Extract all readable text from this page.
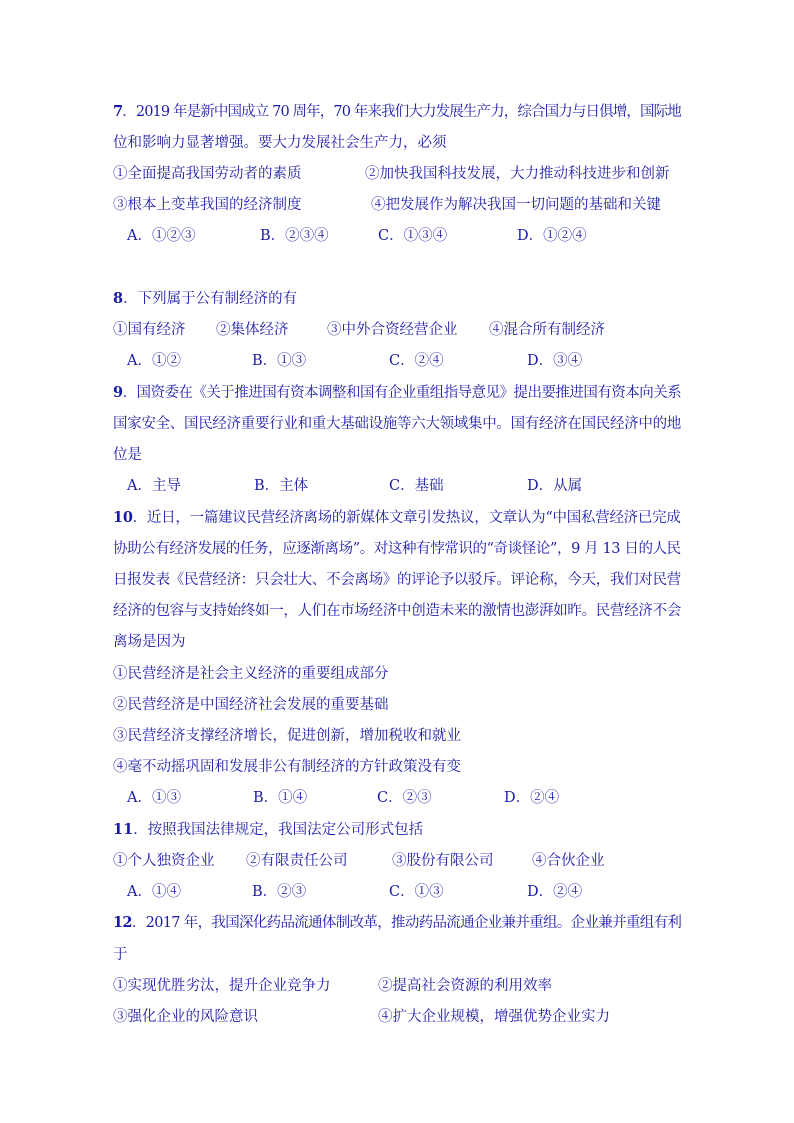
7．2019 年是新中国成立 70 周年，70 年来我们大力发展生产力，综合国力与日俱增，国际地
位和影响力显著增强。要大力发展社会生产力，必须
①全面提高我国劳动者的素质	②加快我国科技发展，大力推动科技进步和创新
③根本上变革我国的经济制度	④把发展作为解决我国一切问题的基础和关键
A．①②③	B．②③④	C．①③④	D．①②④
8．下列属于公有制经济的有
①国有经济 ②集体经济	③中外合资经营企业 ④混合所有制经济
A．①②	B．①③	C．②④	D．③④
9．国资委在《关于推进国有资本调整和国有企业重组指导意见》提出要推进国有资本向关系
国家安全、国民经济重要行业和重大基础设施等六大领域集中。国有经济在国民经济中的地
位是
A．主导	B．主体	C．基础	D．从属
10．近日，一篇建议民营经济离场的新媒体文章引发热议，文章认为“中国私营经济已完成
协助公有经济发展的任务，应逐渐离场”。对这种有悖常识的“奇谈怪论”，9 月 13 日的人民
日报发表《民营经济：只会壮大、不会离场》的评论予以驳斥。评论称，今天，我们对民营
经济的包容与支持始终如一，人们在市场经济中创造未来的激情也澎湃如昨。民营经济不会
离场是因为
①民营经济是社会主义经济的重要组成部分
②民营经济是中国经济社会发展的重要基础
③民营经济支撑经济增长，促进创新，增加税收和就业
④毫不动摇巩固和发展非公有制经济的方针政策没有变
A．①③	B．①④	C．②③	D．②④
11．按照我国法律规定，我国法定公司形式包括
①个人独资企业 ②有限责任公司	③股份有限公司	④合伙企业
A．①④	B．②③	C．①③	D．②④
12．2017 年，我国深化药品流通体制改革，推动药品流通企业兼并重组。企业兼并重组有利
于
①实现优胜劣汰，提升企业竞争力	②提高社会资源的利用效率
③强化企业的风险意识	④扩大企业规模，增强优势企业实力
